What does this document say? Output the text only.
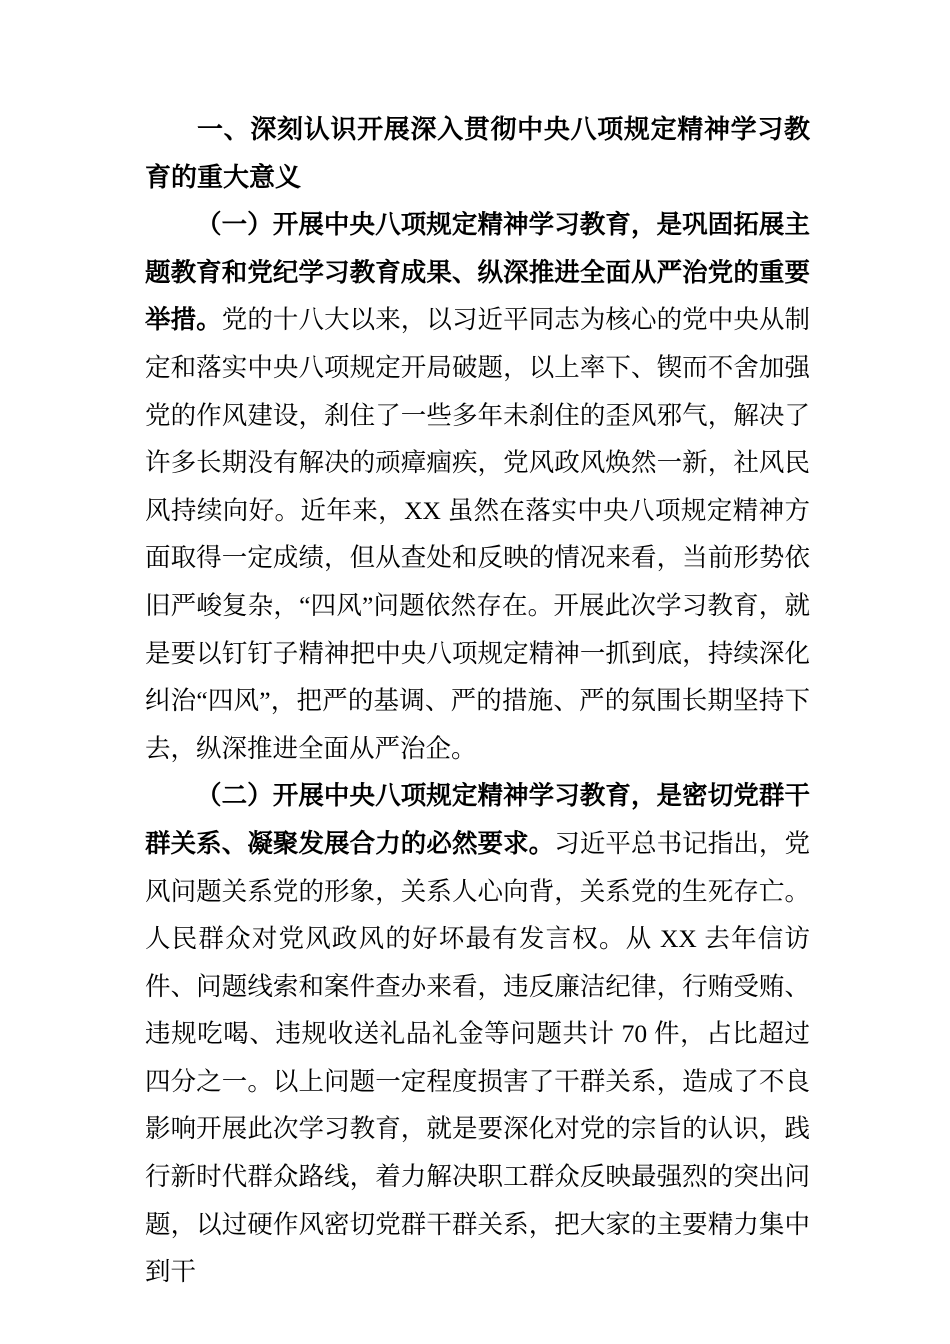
一、深刻认识开展深入贯彻中央八项规定精神学习教育的重大意义

（一）开展中央八项规定精神学习教育，是巩固拓展主题教育和党纪学习教育成果、纵深推进全面从严治党的重要举措。党的十八大以来，以习近平同志为核心的党中央从制定和落实中央八项规定开局破题，以上率下、锲而不舍加强党的作风建设，刹住了一些多年未刹住的歪风邪气，解决了许多长期没有解决的顽瘴痼疾，党风政风焕然一新，社风民风持续向好。近年来，XX 虽然在落实中央八项规定精神方面取得一定成绩，但从查处和反映的情况来看，当前形势依旧严峻复杂，“四风”问题依然存在。开展此次学习教育，就是要以钉钉子精神把中央八项规定精神一抓到底，持续深化纠治“四风”，把严的基调、严的措施、严的氛围长期坚持下去，纵深推进全面从严治企。

（二）开展中央八项规定精神学习教育，是密切党群干群关系、凝聚发展合力的必然要求。习近平总书记指出，党风问题关系党的形象，关系人心向背，关系党的生死存亡。人民群众对党风政风的好坏最有发言权。从 XX 去年信访件、问题线索和案件查办来看，违反廉洁纪律，行贿受贿、违规吃喝、违规收送礼品礼金等问题共计 70 件，占比超过四分之一。以上问题一定程度损害了干群关系，造成了不良影响开展此次学习教育，就是要深化对党的宗旨的认识，践行新时代群众路线，着力解决职工群众反映最强烈的突出问题，以过硬作风密切党群干群关系，把大家的主要精力集中到干
